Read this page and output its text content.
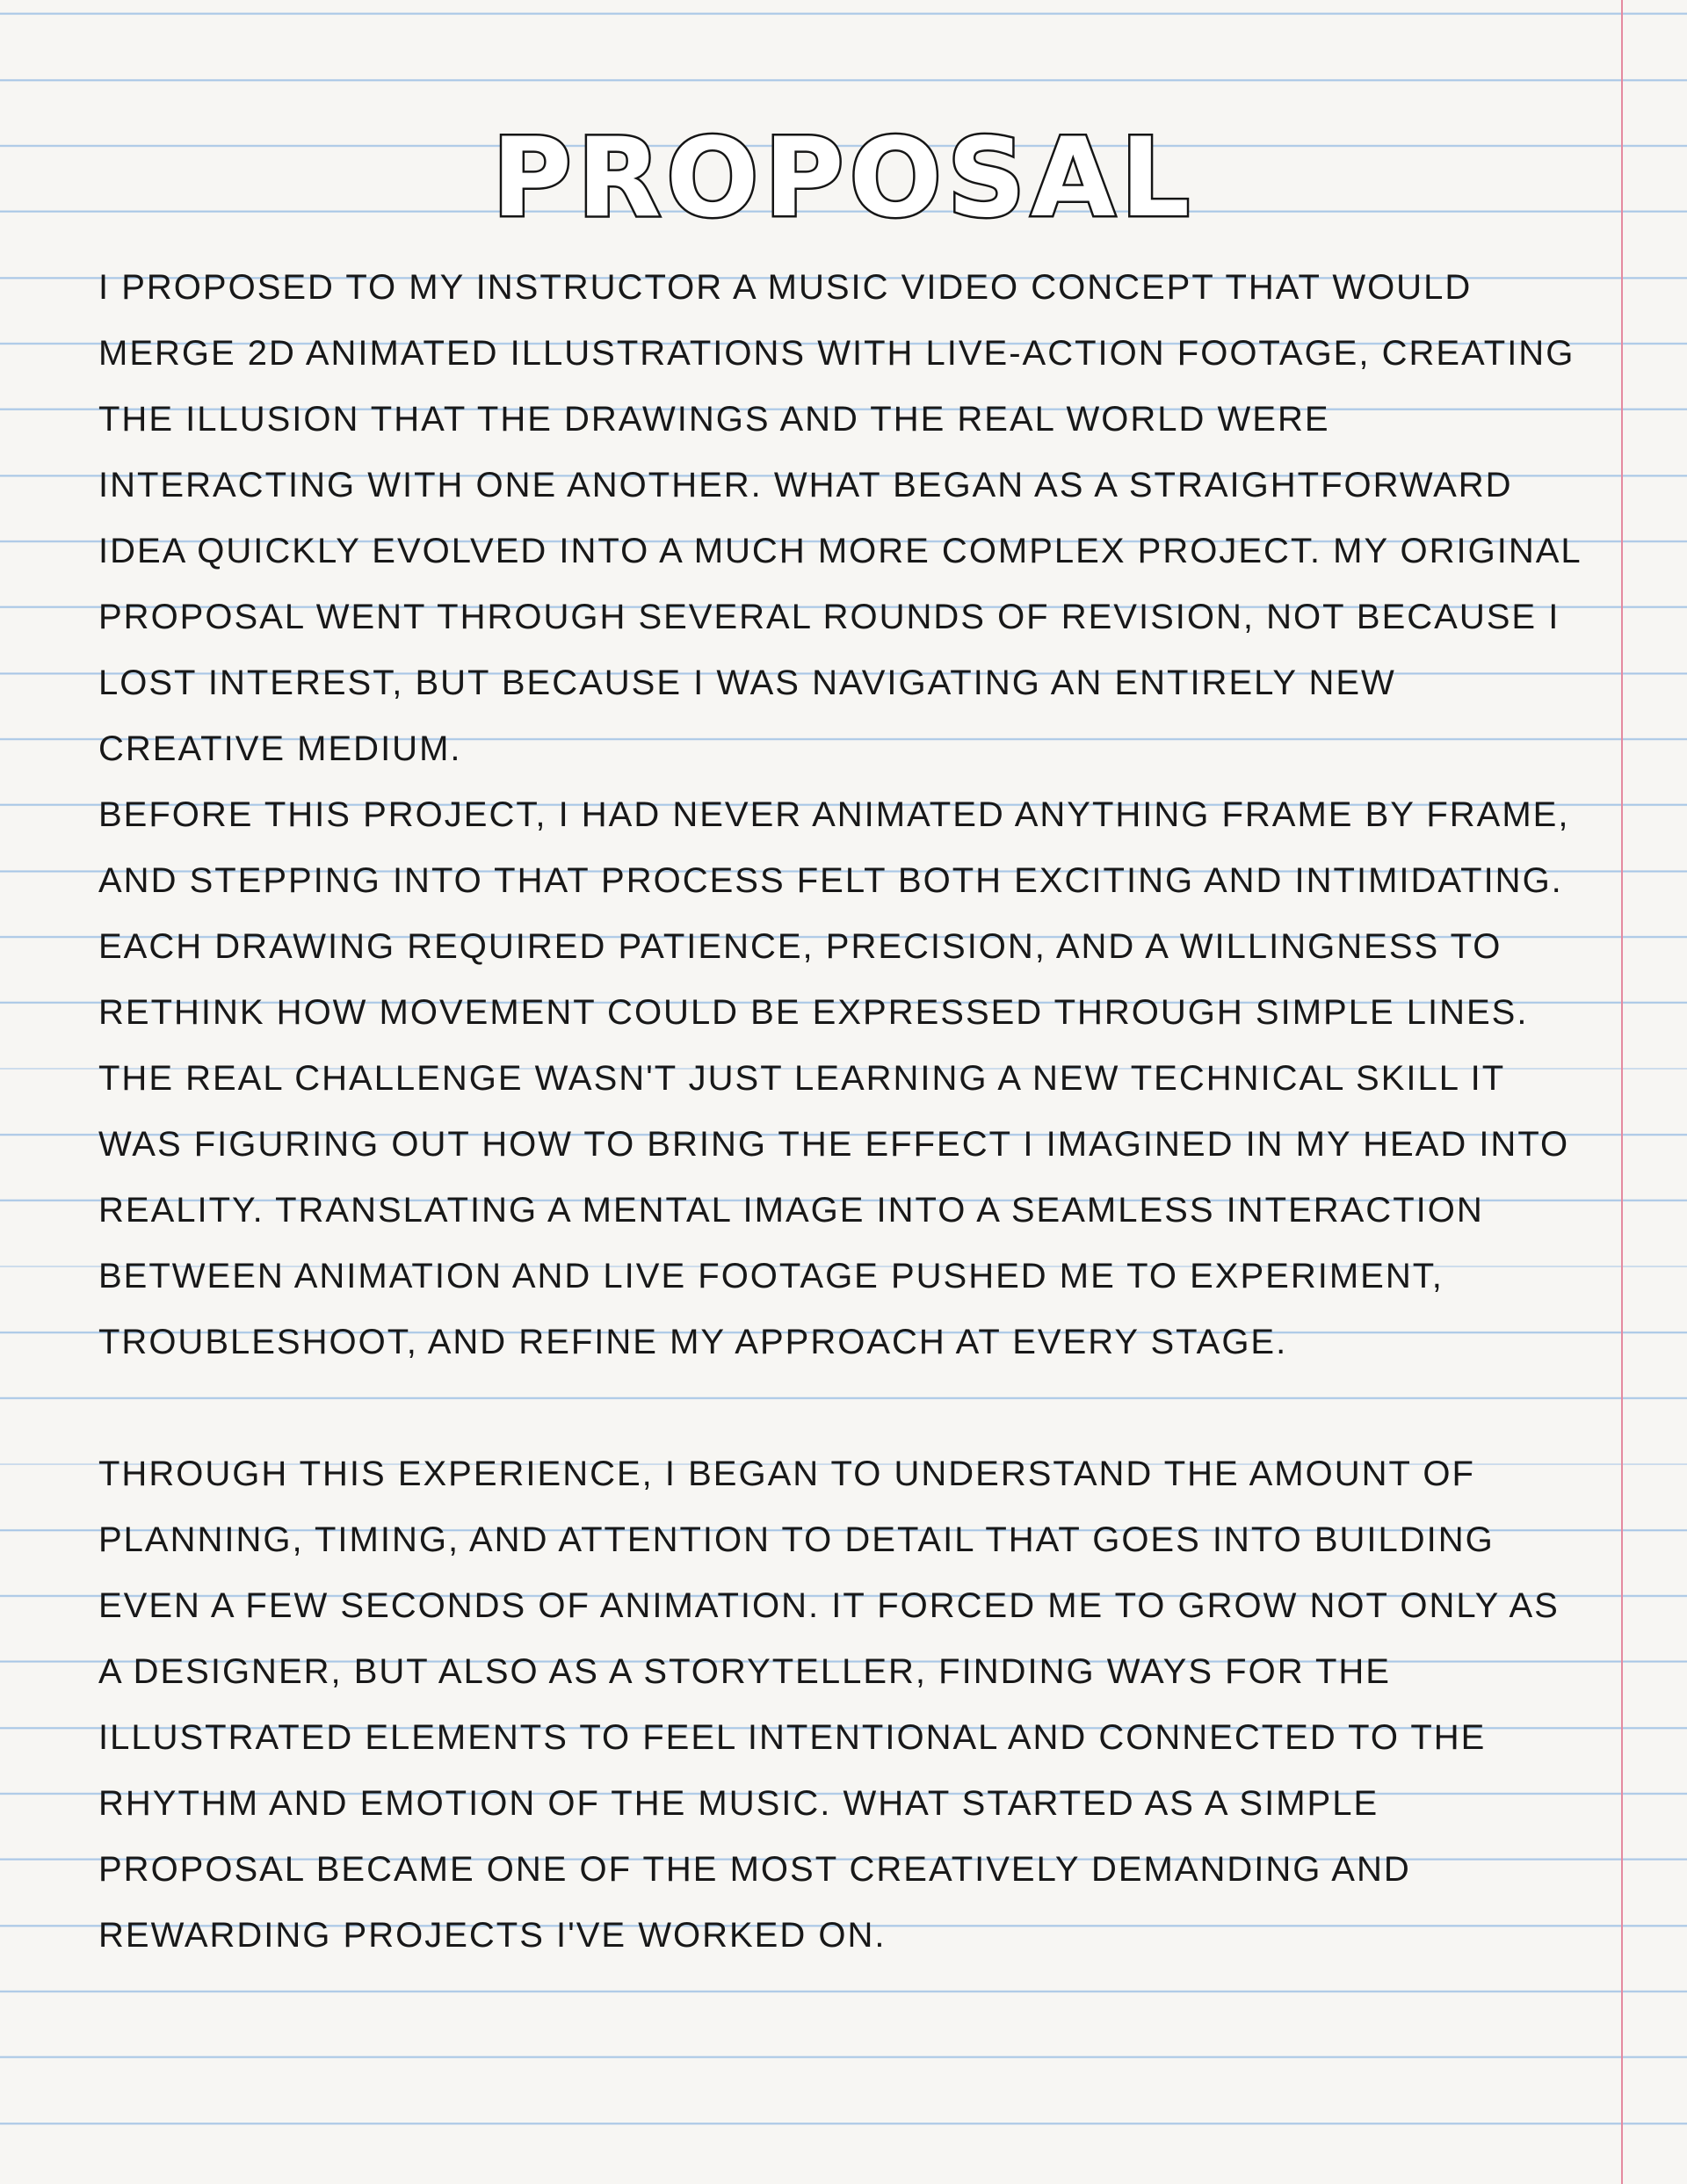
PROPOSAL

I PROPOSED TO MY INSTRUCTOR A MUSIC VIDEO CONCEPT THAT WOULD MERGE 2D ANIMATED ILLUSTRATIONS WITH LIVE-ACTION FOOTAGE, CREATING THE ILLUSION THAT THE DRAWINGS AND THE REAL WORLD WERE INTERACTING WITH ONE ANOTHER. WHAT BEGAN AS A STRAIGHTFORWARD IDEA QUICKLY EVOLVED INTO A MUCH MORE COMPLEX PROJECT. MY ORIGINAL PROPOSAL WENT THROUGH SEVERAL ROUNDS OF REVISION, NOT BECAUSE I LOST INTEREST, BUT BECAUSE I WAS NAVIGATING AN ENTIRELY NEW CREATIVE MEDIUM.

BEFORE THIS PROJECT, I HAD NEVER ANIMATED ANYTHING FRAME BY FRAME, AND STEPPING INTO THAT PROCESS FELT BOTH EXCITING AND INTIMIDATING. EACH DRAWING REQUIRED PATIENCE, PRECISION, AND A WILLINGNESS TO RETHINK HOW MOVEMENT COULD BE EXPRESSED THROUGH SIMPLE LINES. THE REAL CHALLENGE WASN'T JUST LEARNING A NEW TECHNICAL SKILL IT WAS FIGURING OUT HOW TO BRING THE EFFECT I IMAGINED IN MY HEAD INTO REALITY. TRANSLATING A MENTAL IMAGE INTO A SEAMLESS INTERACTION BETWEEN ANIMATION AND LIVE FOOTAGE PUSHED ME TO EXPERIMENT, TROUBLESHOOT, AND REFINE MY APPROACH AT EVERY STAGE.

THROUGH THIS EXPERIENCE, I BEGAN TO UNDERSTAND THE AMOUNT OF PLANNING, TIMING, AND ATTENTION TO DETAIL THAT GOES INTO BUILDING EVEN A FEW SECONDS OF ANIMATION. IT FORCED ME TO GROW NOT ONLY AS A DESIGNER, BUT ALSO AS A STORYTELLER, FINDING WAYS FOR THE ILLUSTRATED ELEMENTS TO FEEL INTENTIONAL AND CONNECTED TO THE RHYTHM AND EMOTION OF THE MUSIC. WHAT STARTED AS A SIMPLE PROPOSAL BECAME ONE OF THE MOST CREATIVELY DEMANDING AND REWARDING PROJECTS I'VE WORKED ON.
